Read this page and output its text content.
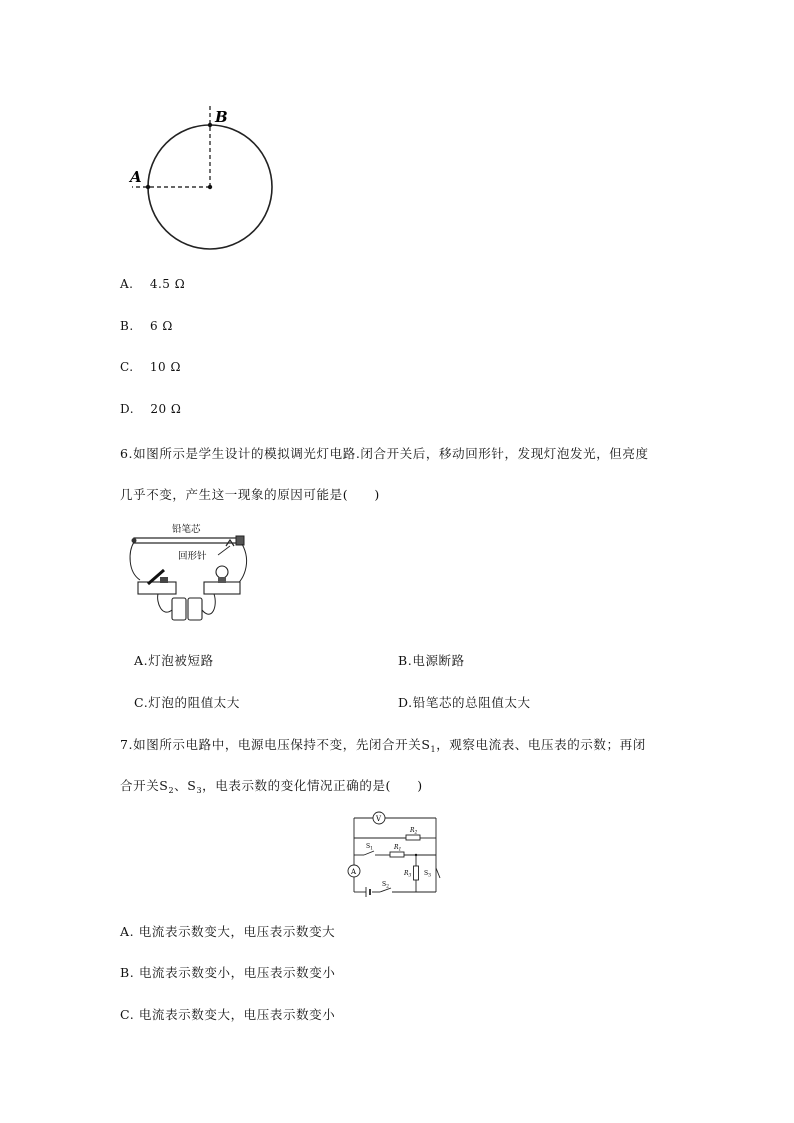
A
B
A. 4.5 Ω
B. 6 Ω
C. 10 Ω
D. 20 Ω
6.如图所示是学生设计的模拟调光灯电路.闭合开关后，移动回形针，发现灯泡发光，但亮度
几乎不变，产生这一现象的原因可能是(　　)
铅笔芯
回形针
A.灯泡被短路	B.电源断路
C.灯泡的阻值太大	D.铅笔芯的总阻值太大
7.如图所示电路中，电源电压保持不变，先闭合开关$S_1$，观察电流表、电压表的示数；再闭
合开关$S_2$、$S_3$，电表示数的变化情况正确的是(　　)
V
A
$S_2$
$R_2$
$S_1$	$R_1$
$R_3$ $S_3$
A. 电流表示数变大，电压表示数变大
B. 电流表示数变小，电压表示数变小
C. 电流表示数变大，电压表示数变小
